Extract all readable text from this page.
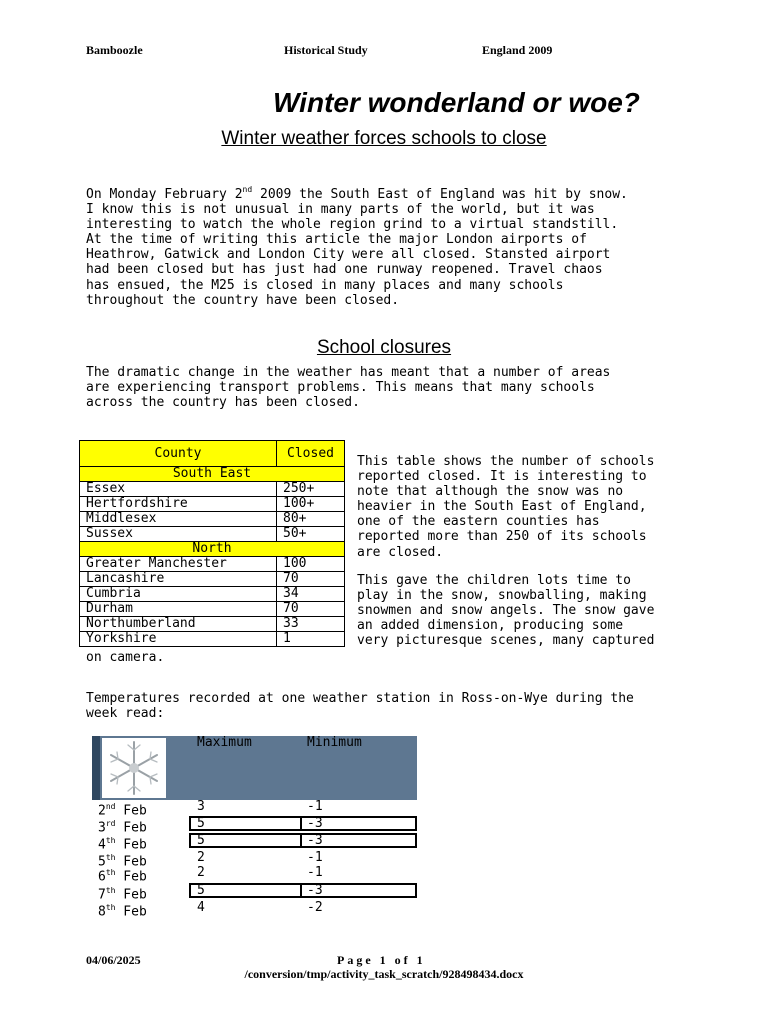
Bamboozle	Historical Study	England 2009
Winter wonderland or woe?
Winter weather forces schools to close
On Monday February 2nd 2009 the South East of England was hit by snow.
I know this is not unusual in many parts of the world, but it was
interesting to watch the whole region grind to a virtual standstill.
At the time of writing this article the major London airports of
Heathrow, Gatwick and London City were all closed. Stansted airport
had been closed but has just had one runway reopened. Travel chaos
has ensued, the M25 is closed in many places and many schools
throughout the country have been closed.
School closures
The dramatic change in the weather has meant that a number of areas
are experiencing transport problems. This means that many schools
across the country has been closed.
County	Closed
South East	
Essex	250+
Hertfordshire	100+
Middlesex	80+
Sussex	50+
North	
Greater Manchester	100
Lancashire	70
Cumbria	34
Durham	70
Northumberland	33
Yorkshire	1
This table shows the number of schools
reported closed. It is interesting to
note that although the snow was no
heavier in the South East of England,
one of the eastern counties has
reported more than 250 of its schools
are closed.
This gave the children lots time to
play in the snow, snowballing, making
snowmen and snow angels. The snow gave
an added dimension, producing some
very picturesque scenes, many captured
on camera.
Temperatures recorded at one weather station in Ross-on-Wye during the
week read:
Maximum	Minimum
2nd Feb	3	-1
3rd Feb	5	-3
4th Feb	5	-3
5th Feb	2	-1
6th Feb	2	-1
7th Feb	5	-3
8th Feb	4	-2
04/06/2025	Page 1 of 1
/conversion/tmp/activity_task_scratch/928498434.docx
